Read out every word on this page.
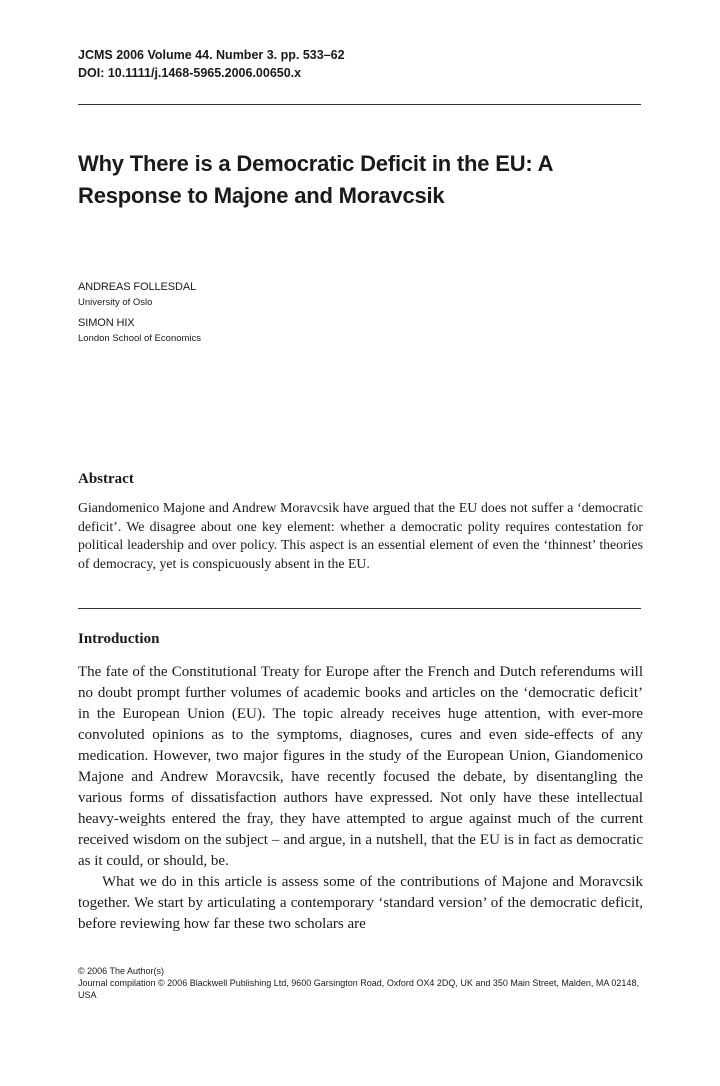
JCMS 2006 Volume 44. Number 3. pp. 533–62
DOI: 10.1111/j.1468-5965.2006.00650.x
Why There is a Democratic Deficit in the EU: A
Response to Majone and Moravcsik
ANDREAS FOLLESDAL
University of Oslo
SIMON HIX
London School of Economics
Abstract
Giandomenico Majone and Andrew Moravcsik have argued that the EU does not suffer a ‘democratic deficit’. We disagree about one key element: whether a democratic polity requires contestation for political leadership and over policy. This aspect is an essential element of even the ‘thinnest’ theories of democracy, yet is conspicuously absent in the EU.
Introduction

The fate of the Constitutional Treaty for Europe after the French and Dutch referendums will no doubt prompt further volumes of academic books and articles on the ‘democratic deficit’ in the European Union (EU). The topic already receives huge attention, with ever-more convoluted opinions as to the symptoms, diagnoses, cures and even side-effects of any medication. However, two major figures in the study of the European Union, Giandomenico Majone and Andrew Moravcsik, have recently focused the debate, by disentangling the various forms of dissatisfaction authors have expressed. Not only have these intellectual heavy-weights entered the fray, they have attempted to argue against much of the current received wisdom on the subject – and argue, in a nutshell, that the EU is in fact as democratic as it could, or should, be.

What we do in this article is assess some of the contributions of Majone and Moravcsik together. We start by articulating a contemporary ‘standard version’ of the democratic deficit, before reviewing how far these two scholars are

© 2006 The Author(s)
Journal compilation © 2006 Blackwell Publishing Ltd, 9600 Garsington Road, Oxford OX4 2DQ, UK and 350 Main Street, Malden, MA 02148, USA
